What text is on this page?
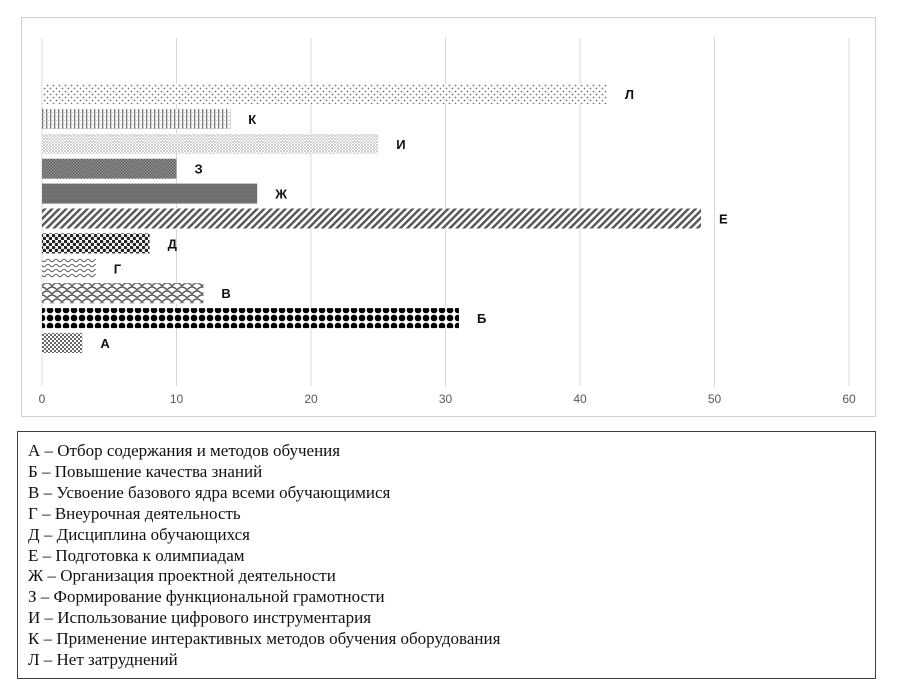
Л
К
И
З
Ж
Е
Д
Г
В
Б
А
0	10	20	30	40	50	60
А – Отбор содержания и методов обучения
Б – Повышение качества знаний
В – Усвоение базового ядра всеми обучающимися
Г – Внеурочная деятельность
Д – Дисциплина обучающихся
Е – Подготовка к олимпиадам
Ж – Организация проектной деятельности
З – Формирование функциональной грамотности
И – Использование цифрового инструментария
К – Применение интерактивных методов обучения оборудования
Л – Нет затруднений
